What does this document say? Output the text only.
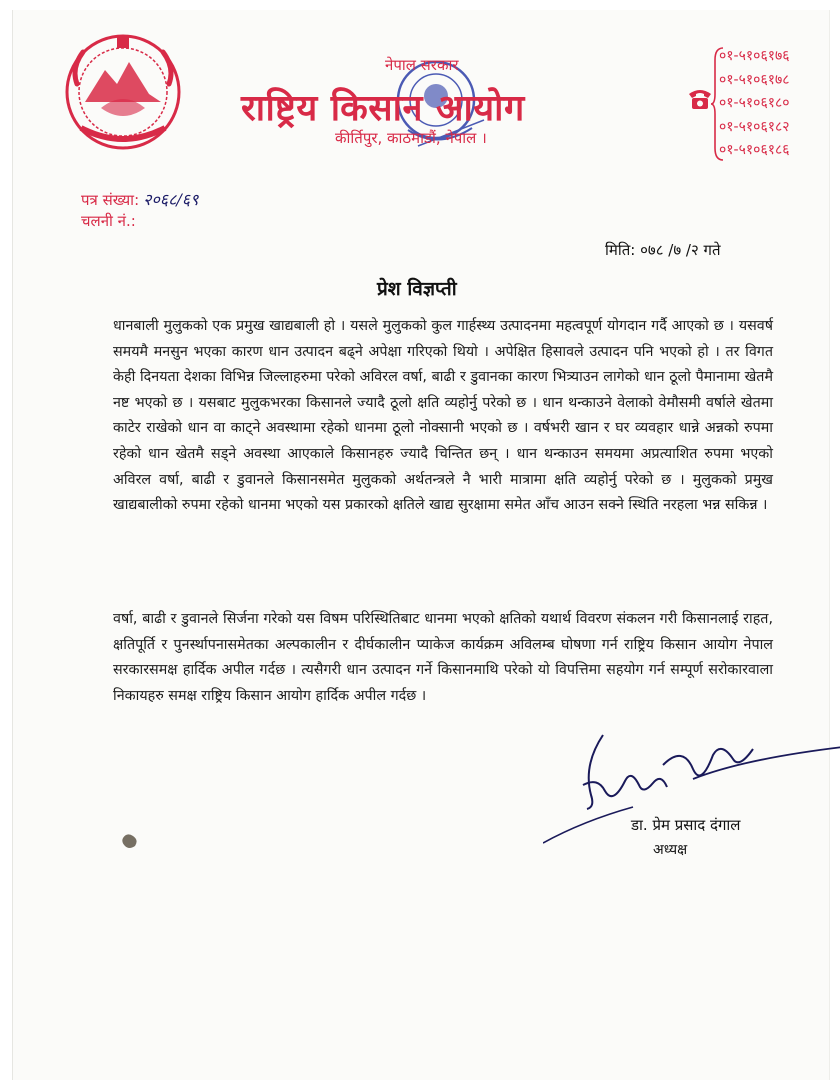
नेपाल सरकार
राष्ट्रिय किसान आयोग
कीर्तिपुर, काठमाडौं, नेपाल ।
०१-५१०६१७६
०१-५१०६१७८
०१-५१०६१८०
०१-५१०६१८२
०१-५१०६१८६
पत्र संख्या: २०६८/६९
चलनी नं.:
मिति: ०७८ /७ /२ गते
प्रेश विज्ञप्ती

धानबाली मुलुकको एक प्रमुख खाद्यबाली हो । यसले मुलुकको कुल गार्हस्थ्य उत्पादनमा महत्वपूर्ण योगदान गर्दै आएको छ । यसवर्ष समयमै मनसुन भएका कारण धान उत्पादन बढ्ने अपेक्षा गरिएको थियो । अपेक्षित हिसावले उत्पादन पनि भएको हो । तर विगत केही दिनयता देशका विभिन्न जिल्लाहरुमा परेको अविरल वर्षा, बाढी र डुवानका कारण भित्र्याउन लागेको धान ठूलो पैमानामा खेतमै नष्ट भएको छ । यसबाट मुलुकभरका किसानले ज्यादै ठूलो क्षति व्यहोर्नु परेको छ । धान थन्काउने वेलाको वेमौसमी वर्षाले खेतमा काटेर राखेको धान वा काट्ने अवस्थामा रहेको धानमा ठूलो नोक्सानी भएको छ । वर्षभरी खान र घर व्यवहार धान्ने अन्नको रुपमा रहेको धान खेतमै सड्ने अवस्था आएकाले किसानहरु ज्यादै चिन्तित छन् । धान थन्काउन समयमा अप्रत्याशित रुपमा भएको अविरल वर्षा, बाढी र डुवानले किसानसमेत मुलुकको अर्थतन्त्रले नै भारी मात्रामा क्षति व्यहोर्नु परेको छ । मुलुकको प्रमुख खाद्यबालीको रुपमा रहेको धानमा भएको यस प्रकारको क्षतिले खाद्य सुरक्षामा समेत आँच आउन सक्ने स्थिति नरहला भन्न सकिन्न ।

वर्षा, बाढी र डुवानले सिर्जना गरेको यस विषम परिस्थितिबाट धानमा भएको क्षतिको यथार्थ विवरण संकलन गरी किसानलाई राहत, क्षतिपूर्ति र पुनर्स्थापनासमेतका अल्पकालीन र दीर्घकालीन प्याकेज कार्यक्रम अविलम्ब घोषणा गर्न राष्ट्रिय किसान आयोग नेपाल सरकारसमक्ष हार्दिक अपील गर्दछ । त्यसैगरी धान उत्पादन गर्ने किसानमाथि परेको यो विपत्तिमा सहयोग गर्न सम्पूर्ण सरोकारवाला निकायहरु समक्ष राष्ट्रिय किसान आयोग हार्दिक अपील गर्दछ ।

डा. प्रेम प्रसाद दंगाल
अध्यक्ष
